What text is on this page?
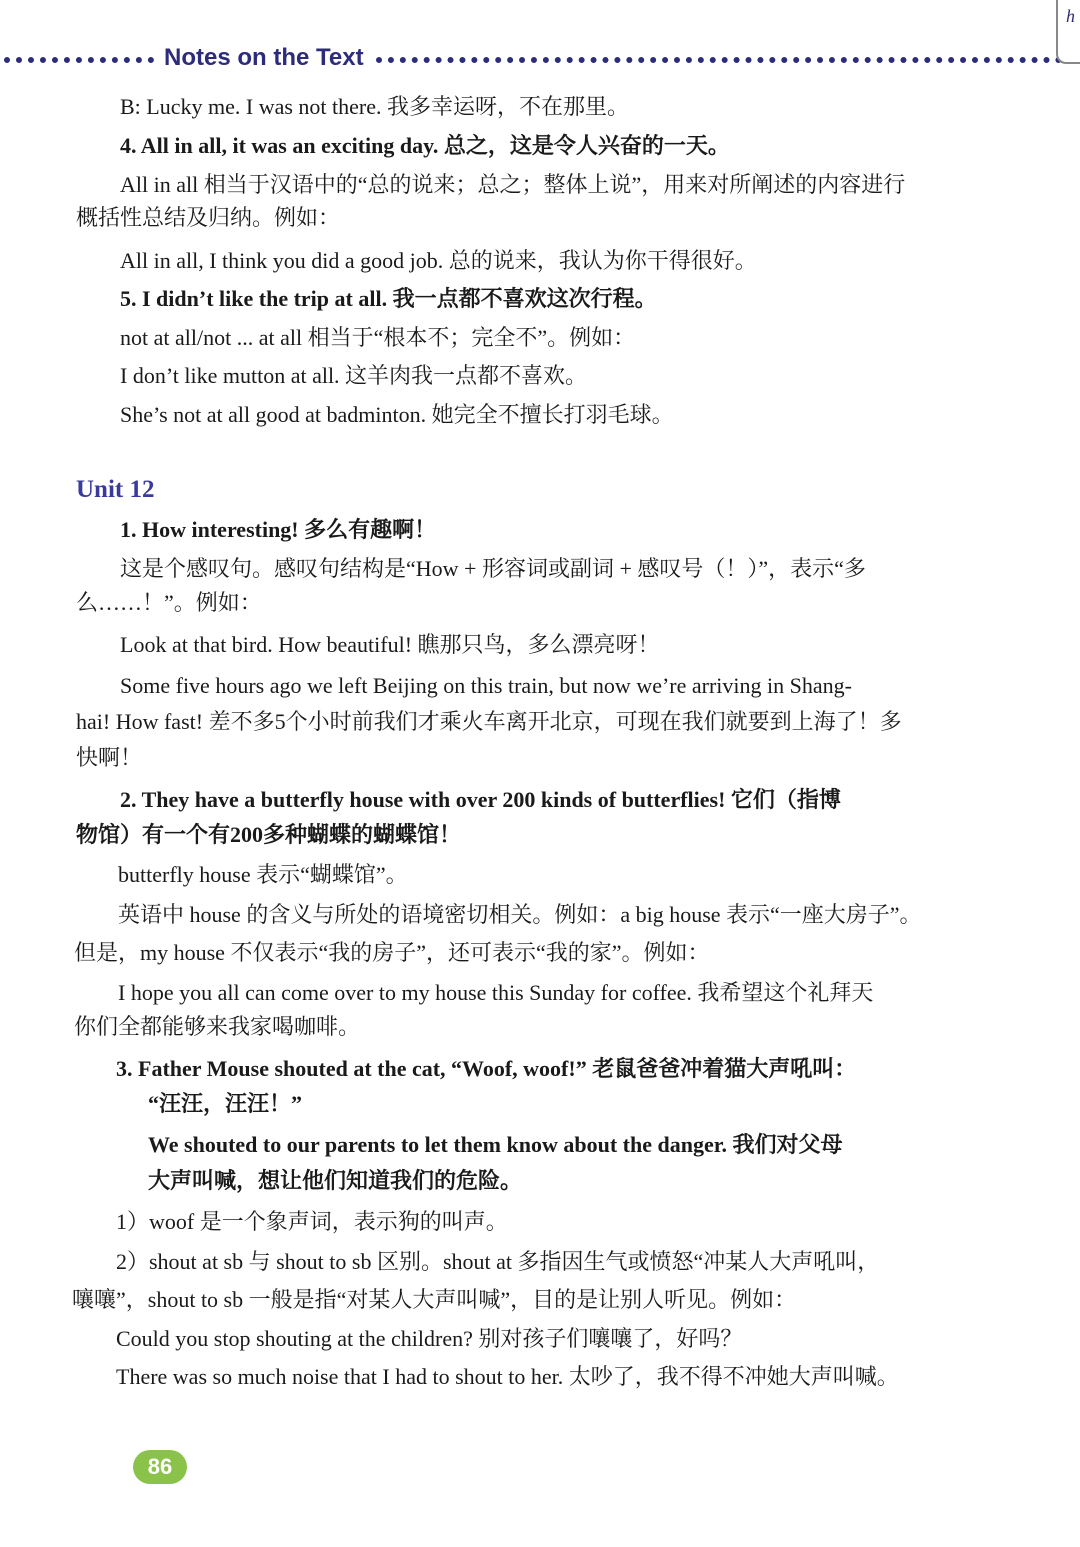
Notes on the Text
h
B: Lucky me. I was not there. 我多幸运呀，不在那里。
4. All in all, it was an exciting day. 总之，这是令人兴奋的一天。
All in all 相当于汉语中的“总的说来；总之；整体上说”，用来对所阐述的内容进行
概括性总结及归纳。例如：
All in all, I think you did a good job. 总的说来，我认为你干得很好。
5. I didn’t like the trip at all. 我一点都不喜欢这次行程。
not at all/not ... at all 相当于“根本不；完全不”。例如：
I don’t like mutton at all. 这羊肉我一点都不喜欢。
She’s not at all good at badminton. 她完全不擅长打羽毛球。
Unit 12
1. How interesting! 多么有趣啊！
这是个感叹句。感叹句结构是“How + 形容词或副词 + 感叹号（！）”，表示“多
么……！”。例如：
Look at that bird. How beautiful! 瞧那只鸟，多么漂亮呀！
Some five hours ago we left Beijing on this train, but now we’re arriving in Shang-
hai! How fast! 差不多5个小时前我们才乘火车离开北京，可现在我们就要到上海了！多
快啊！
2. They have a butterfly house with over 200 kinds of butterflies! 它们（指博
物馆）有一个有200多种蝴蝶的蝴蝶馆！
butterfly house 表示“蝴蝶馆”。
英语中 house 的含义与所处的语境密切相关。例如：a big house 表示“一座大房子”。
但是，my house 不仅表示“我的房子”，还可表示“我的家”。例如：
I hope you all can come over to my house this Sunday for coffee. 我希望这个礼拜天
你们全都能够来我家喝咖啡。
3. Father Mouse shouted at the cat, “Woof, woof!” 老鼠爸爸冲着猫大声吼叫：
“汪汪，汪汪！”
We shouted to our parents to let them know about the danger. 我们对父母
大声叫喊，想让他们知道我们的危险。
1）woof 是一个象声词，表示狗的叫声。
2）shout at sb 与 shout to sb 区别。shout at 多指因生气或愤怒“冲某人大声吼叫，
嚷嚷”，shout to sb 一般是指“对某人大声叫喊”，目的是让别人听见。例如：
Could you stop shouting at the children? 别对孩子们嚷嚷了，好吗？
There was so much noise that I had to shout to her. 太吵了，我不得不冲她大声叫喊。
86
